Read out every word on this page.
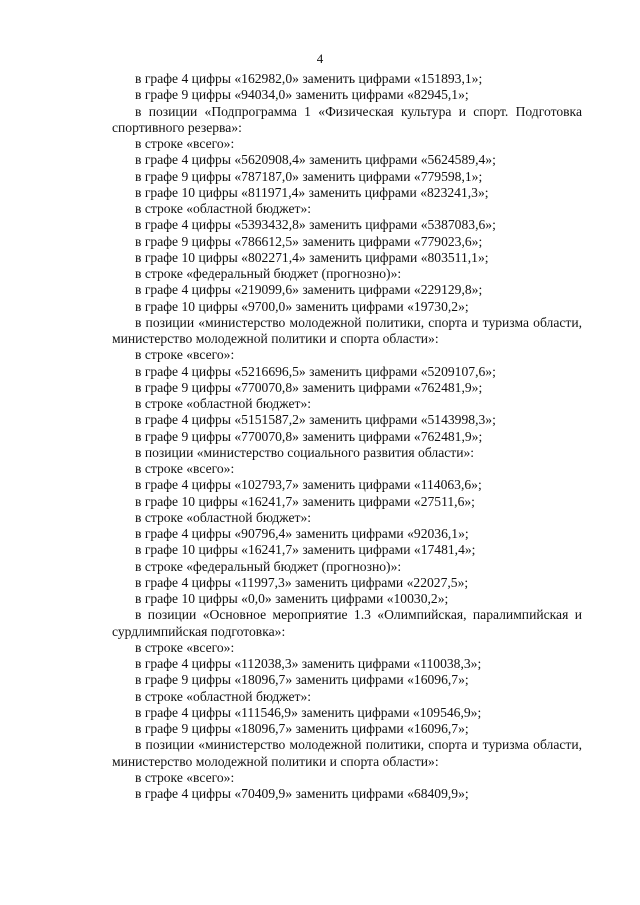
4
в графе 4 цифры «162982,0» заменить цифрами «151893,1»;
в графе 9 цифры «94034,0» заменить цифрами «82945,1»;
в позиции «Подпрограмма 1 «Физическая культура и спорт. Подготовка спортивного резерва»:
в строке «всего»:
в графе 4 цифры «5620908,4» заменить цифрами «5624589,4»;
в графе 9 цифры «787187,0» заменить цифрами «779598,1»;
в графе 10 цифры «811971,4» заменить цифрами «823241,3»;
в строке «областной бюджет»:
в графе 4 цифры «5393432,8» заменить цифрами «5387083,6»;
в графе 9 цифры «786612,5» заменить цифрами «779023,6»;
в графе 10 цифры «802271,4» заменить цифрами «803511,1»;
в строке «федеральный бюджет (прогнозно)»:
в графе 4 цифры «219099,6» заменить цифрами «229129,8»;
в графе 10 цифры «9700,0» заменить цифрами «19730,2»;
в позиции «министерство молодежной политики, спорта и туризма области, министерство молодежной политики и спорта области»:
в строке «всего»:
в графе 4 цифры «5216696,5» заменить цифрами «5209107,6»;
в графе 9 цифры «770070,8» заменить цифрами «762481,9»;
в строке «областной бюджет»:
в графе 4 цифры «5151587,2» заменить цифрами «5143998,3»;
в графе 9 цифры «770070,8» заменить цифрами «762481,9»;
в позиции «министерство социального развития области»:
в строке «всего»:
в графе 4 цифры «102793,7» заменить цифрами «114063,6»;
в графе 10 цифры «16241,7» заменить цифрами «27511,6»;
в строке «областной бюджет»:
в графе 4 цифры «90796,4» заменить цифрами «92036,1»;
в графе 10 цифры «16241,7» заменить цифрами «17481,4»;
в строке «федеральный бюджет (прогнозно)»:
в графе 4 цифры «11997,3» заменить цифрами «22027,5»;
в графе 10 цифры «0,0» заменить цифрами «10030,2»;
в позиции «Основное мероприятие 1.3 «Олимпийская, паралимпийская и сурдлимпийская подготовка»:
в строке «всего»:
в графе 4 цифры «112038,3» заменить цифрами «110038,3»;
в графе 9 цифры «18096,7» заменить цифрами «16096,7»;
в строке «областной бюджет»:
в графе 4 цифры «111546,9» заменить цифрами «109546,9»;
в графе 9 цифры «18096,7» заменить цифрами «16096,7»;
в позиции «министерство молодежной политики, спорта и туризма области, министерство молодежной политики и спорта области»:
в строке «всего»:
в графе 4 цифры «70409,9» заменить цифрами «68409,9»;
